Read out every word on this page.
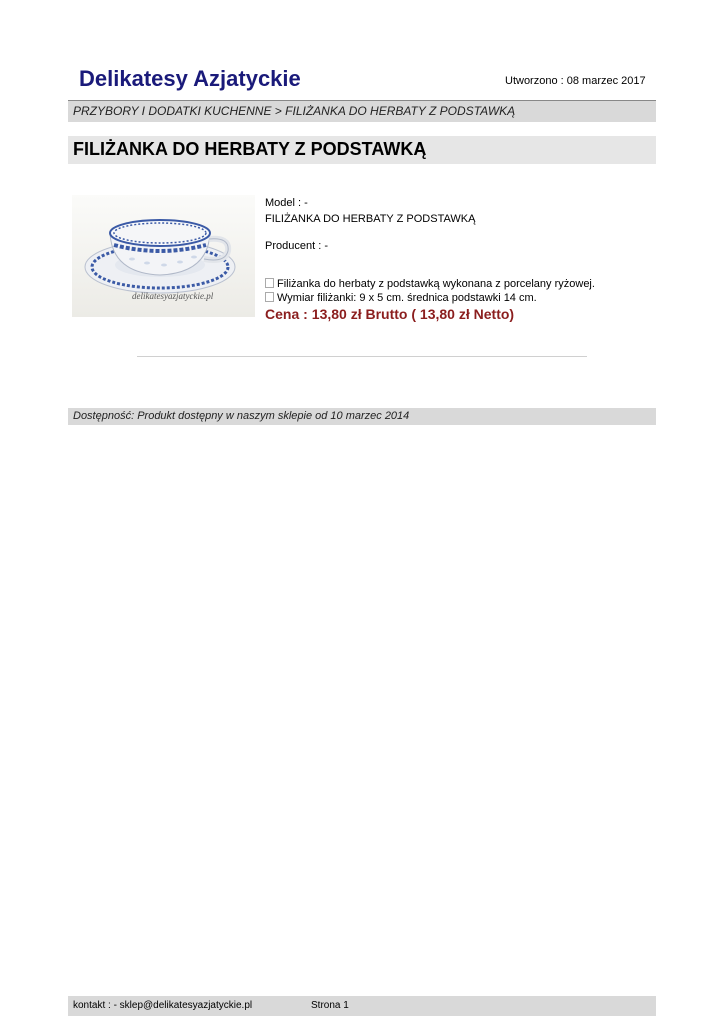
Delikatesy Azjatyckie	Utworzono : 08 marzec 2017
PRZYBORY I DODATKI KUCHENNE > FILIŻANKA DO HERBATY Z PODSTAWKĄ
FILIŻANKA DO HERBATY Z PODSTAWKĄ
delikatesyazjatyckie.pl
Model : -
FILIŻANKA DO HERBATY Z PODSTAWKĄ
Producent : -
Filiżanka do herbaty z podstawką wykonana z porcelany ryżowej.
Wymiar filiżanki: 9 x 5 cm. średnica podstawki 14 cm.
Cena : 13,80 zł Brutto ( 13,80 zł Netto)
Dostępność: Produkt dostępny w naszym sklepie od 10 marzec 2014
kontakt : - sklep@delikatesyazjatyckie.pl	Strona 1
